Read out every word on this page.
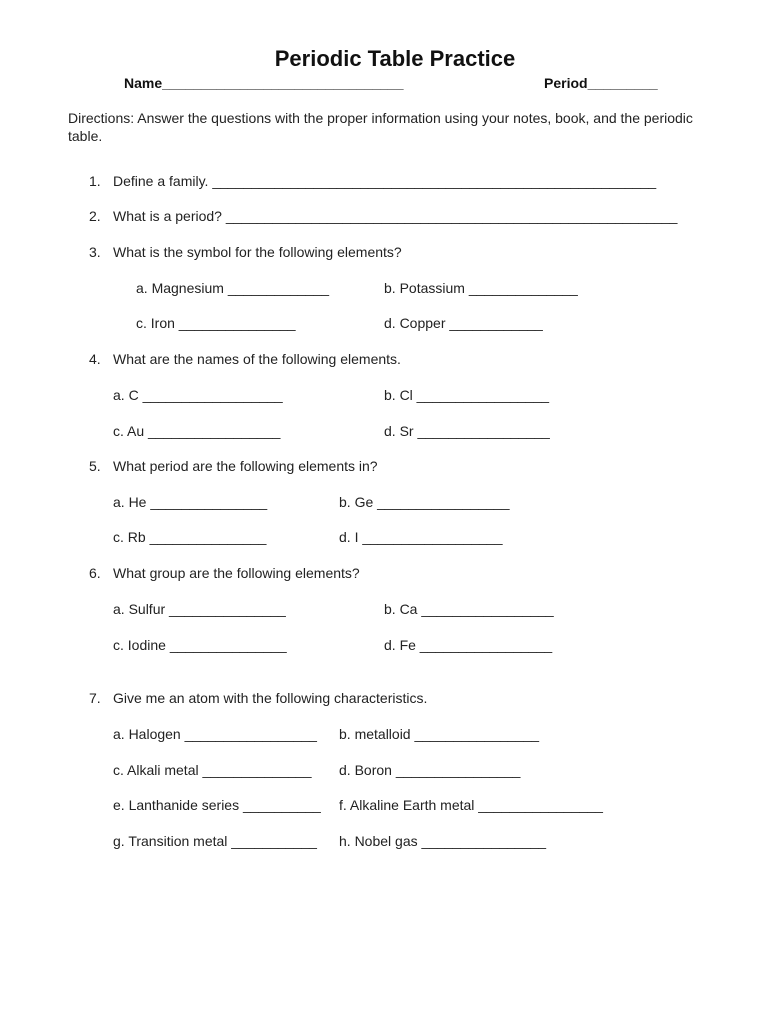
Periodic Table Practice
Name_______________________________	Period_________
Directions: Answer the questions with the proper information using your notes, book, and the periodic table.
1. Define a family. _________________________________________________________
2. What is a period? __________________________________________________________
3. What is the symbol for the following elements?
a. Magnesium _____________	b. Potassium ______________
c. Iron _______________	d. Copper ____________
4. What are the names of the following elements.
a. C __________________	b. Cl _________________
c. Au _________________	d. Sr _________________
5. What period are the following elements in?
a. He _______________	b. Ge _________________
c. Rb _______________	d. I __________________
6. What group are the following elements?
a. Sulfur _______________	b. Ca _________________
c. Iodine _______________	d. Fe _________________
7. Give me an atom with the following characteristics.
a. Halogen _________________ b. metalloid ________________
c. Alkali metal ______________ d. Boron ________________
e. Lanthanide series __________ f. Alkaline Earth metal ________________
g. Transition metal ___________ h. Nobel gas ________________
